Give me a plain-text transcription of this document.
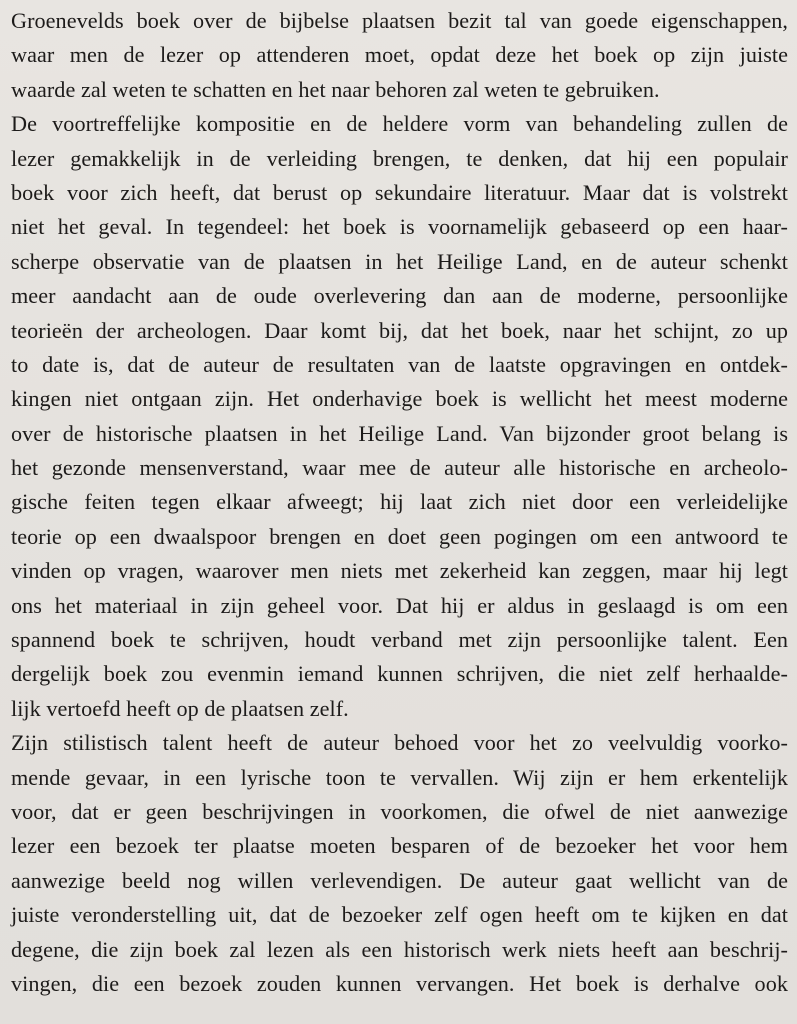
Groenevelds boek over de bijbelse plaatsen bezit tal van goede eigenschappen,
waar men de lezer op attenderen moet, opdat deze het boek op zijn juiste
waarde zal weten te schatten en het naar behoren zal weten te gebruiken.
De voortreffelijke kompositie en de heldere vorm van behandeling zullen de
lezer gemakkelijk in de verleiding brengen, te denken, dat hij een populair
boek voor zich heeft, dat berust op sekundaire literatuur. Maar dat is volstrekt
niet het geval. In tegendeel: het boek is voornamelijk gebaseerd op een haar-
scherpe observatie van de plaatsen in het Heilige Land, en de auteur schenkt
meer aandacht aan de oude overlevering dan aan de moderne, persoonlijke
teorieën der archeologen. Daar komt bij, dat het boek, naar het schijnt, zo up
to date is, dat de auteur de resultaten van de laatste opgravingen en ontdek-
kingen niet ontgaan zijn. Het onderhavige boek is wellicht het meest moderne
over de historische plaatsen in het Heilige Land. Van bijzonder groot belang is
het gezonde mensenverstand, waar mee de auteur alle historische en archeolo-
gische feiten tegen elkaar afweegt; hij laat zich niet door een verleidelijke
teorie op een dwaalspoor brengen en doet geen pogingen om een antwoord te
vinden op vragen, waarover men niets met zekerheid kan zeggen, maar hij legt
ons het materiaal in zijn geheel voor. Dat hij er aldus in geslaagd is om een
spannend boek te schrijven, houdt verband met zijn persoonlijke talent. Een
dergelijk boek zou evenmin iemand kunnen schrijven, die niet zelf herhaalde-
lijk vertoefd heeft op de plaatsen zelf.
Zijn stilistisch talent heeft de auteur behoed voor het zo veelvuldig voorko-
mende gevaar, in een lyrische toon te vervallen. Wij zijn er hem erkentelijk
voor, dat er geen beschrijvingen in voorkomen, die ofwel de niet aanwezige
lezer een bezoek ter plaatse moeten besparen of de bezoeker het voor hem
aanwezige beeld nog willen verlevendigen. De auteur gaat wellicht van de
juiste veronderstelling uit, dat de bezoeker zelf ogen heeft om te kijken en dat
degene, die zijn boek zal lezen als een historisch werk niets heeft aan beschrij-
vingen, die een bezoek zouden kunnen vervangen. Het boek is derhalve ook
